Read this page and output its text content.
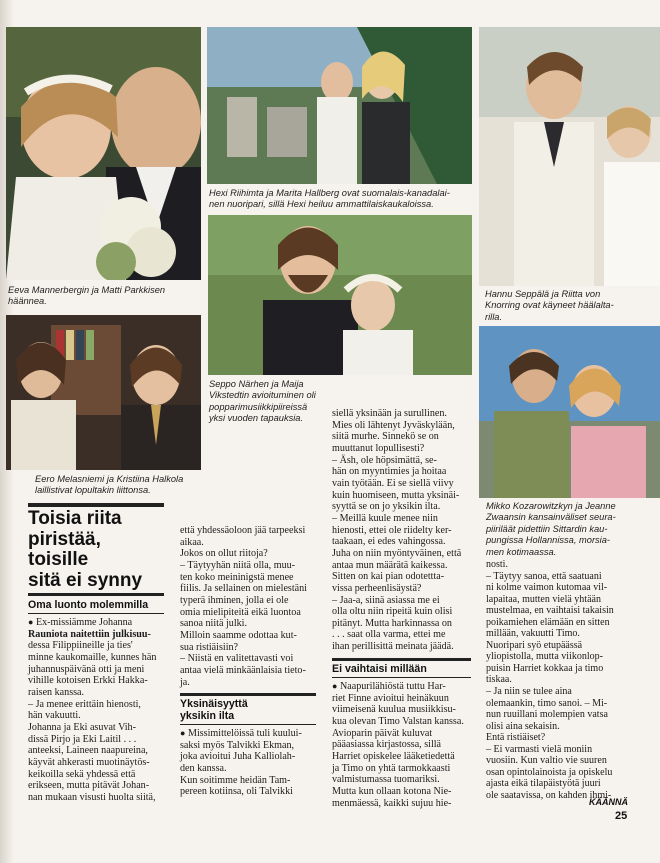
Eeva Mannerbergin ja Matti Parkkisen
häännea.

Hexi Riihimta ja Marita Hallberg ovat suomalais-kanadalai-
nen nuoripari, sillä Hexi heiluu ammattilaiskaukaloissa.

Hannu Seppälä ja Riitta von
Knorring ovat käyneet häälalta-
rilla.

Seppo Närhen ja Maija
Vikstedtin avioituminen oli
popparimusiikkipiireissä
yksi vuoden tapauksia.

Eero Melasniemi ja Kristiina Halkola
laillistivat lopultakin liittonsa.

Mikko Kozarowitzkyn ja Jeanne
Zwaansin kansainväliset seura-
piiriläät pidettiin Sittardin kau-
pungissa Hollannissa, morsia-
men kotimaassa.

Toisia riita
piristää,
toisille
sitä ei synny

Oma luonto molemmilla

● Ex-missiämme Johanna

Rauniota naitettiin julkisuu-

dessa Filippiineille ja ties'

minne kaukomaille, kunnes hän

juhannuspäivänä otti ja meni

vihille kotoisen Erkki Hakka-

raisen kanssa.

– Ja menee erittäin hienosti,

hän vakuutti.

Johanna ja Eki asuvat Vih-

dissä Pirjo ja Eki Laitil . . .

anteeksi, Laineen naapureina,

käyvät ahkerasti muotinäytös-

keikoilla sekä yhdessä että

erikseen, mutta pitävät Johan-

nan mukaan visusti huolta siitä,

että yhdessäoloon jää tarpeeksi

aikaa.

Jokos on ollut riitoja?

– Täytyyhän niitä olla, muu-

ten koko meininigstä menee

fiilis. Ja sellainen on mielestäni

typerä ihminen, jolla ei ole

omia mielipiteitä eikä luontoa

sanoa niitä julki.

Milloin saamme odottaa kut-

sua ristiäisiin?

– Niistä en valitettavasti voi

antaa vielä minkäänlaisia tieto-

ja.

Yksinäisyyttä
yksikin ilta

● Missimittelöissä tuli kuului-

saksi myös Talvikki Ekman,

joka avioitui Juha Kalliolah-

den kanssa.

Kun soitimme heidän Tam-

pereen kotiinsa, oli Talvikki

siellä yksinään ja surullinen.

Mies oli lähtenyt Jyväskylään,

siitä murhe. Sinnekö se on

muuttanut lopullisesti?

– Äsh, ole höpsimättä, se-

hän on myyntimies ja hoitaa

vain työtään. Ei se siellä viivy

kuin huomiseen, mutta yksinäi-

syyttä se on jo yksikin ilta.

– Meillä kuule menee niin

hienosti, ettei ole riidelty ker-

taakaan, ei edes vahingossa.

Juha on niin myöntyväinen, että

antaa mun määrätä kaikessa.

Sitten on kai pian odotettta-

vissa perheenlisäystä?

– Jaa-a, siinä asiassa me ei

olla oltu niin ripeitä kuin olisi

pitänyt. Mutta harkinnassa on

. . . saat olla varma, ettei me

ihan perillisittä meinata jäädä.

Ei vaihtaisi millään

● Naapurilähiöstä tuttu Har-

riet Finne avioitui heinäkuun

viimeisenä kuulua musiikkisu-

kua olevan Timo Valstan kanssa.

Avioparin päivät kuluvat

pääasiassa kirjastossa, sillä

Harriet opiskelee lääketiedettä

ja Timo on yhtä tarmokkaasti

valmistumassa tuomariksi.

Mutta kun ollaan kotona Nie-

menmäessä, kaikki sujuu hie-

nosti.

– Täytyy sanoa, että saatuani

ni kolme vaimon kutomaa vil-

lapaitaa, mutten vielä yhtään

mustelmaa, en vaihtaisi takaisin

poikamiehen elämään en sitten

millään, vakuutti Timo.

Nuoripari syö etupäässä

yliopistolla, mutta viikonlop-

puisin Harriet kokkaa ja timo

tiskaa.

– Ja niin se tulee aina

olemaankin, timo sanoi. – Mi-

nun ruuillani molempien vatsa

olisi aina sekaisin.

Entä ristiäiset?

– Ei varmasti vielä moniin

vuosiin. Kun valtio vie suuren

osan opintolainoista ja opiskelu

ajasta eikä tilapäistyötä juuri

ole saatavissa, on kahden ihmi-

KÄÄNNÄ
25
